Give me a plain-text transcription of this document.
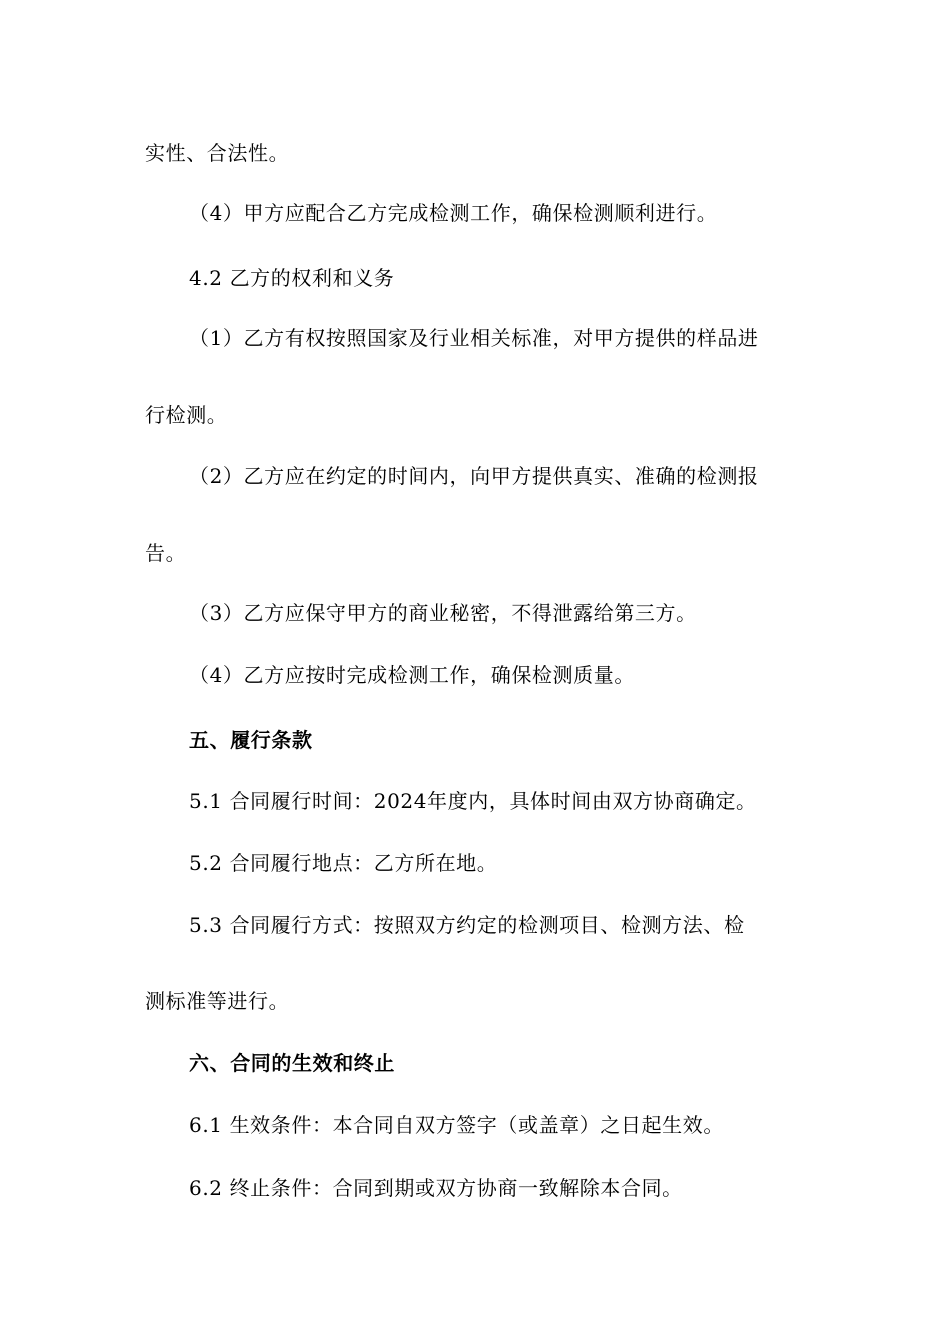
实性、合法性。
（4）甲方应配合乙方完成检测工作，确保检测顺利进行。
4.2 乙方的权利和义务
（1）乙方有权按照国家及行业相关标准，对甲方提供的样品进
行检测。
（2）乙方应在约定的时间内，向甲方提供真实、准确的检测报
告。
（3）乙方应保守甲方的商业秘密，不得泄露给第三方。
（4）乙方应按时完成检测工作，确保检测质量。
五、履行条款
5.1 合同履行时间：2024年度内，具体时间由双方协商确定。
5.2 合同履行地点：乙方所在地。
5.3 合同履行方式：按照双方约定的检测项目、检测方法、检
测标准等进行。
六、合同的生效和终止
6.1 生效条件：本合同自双方签字（或盖章）之日起生效。
6.2 终止条件：合同到期或双方协商一致解除本合同。
